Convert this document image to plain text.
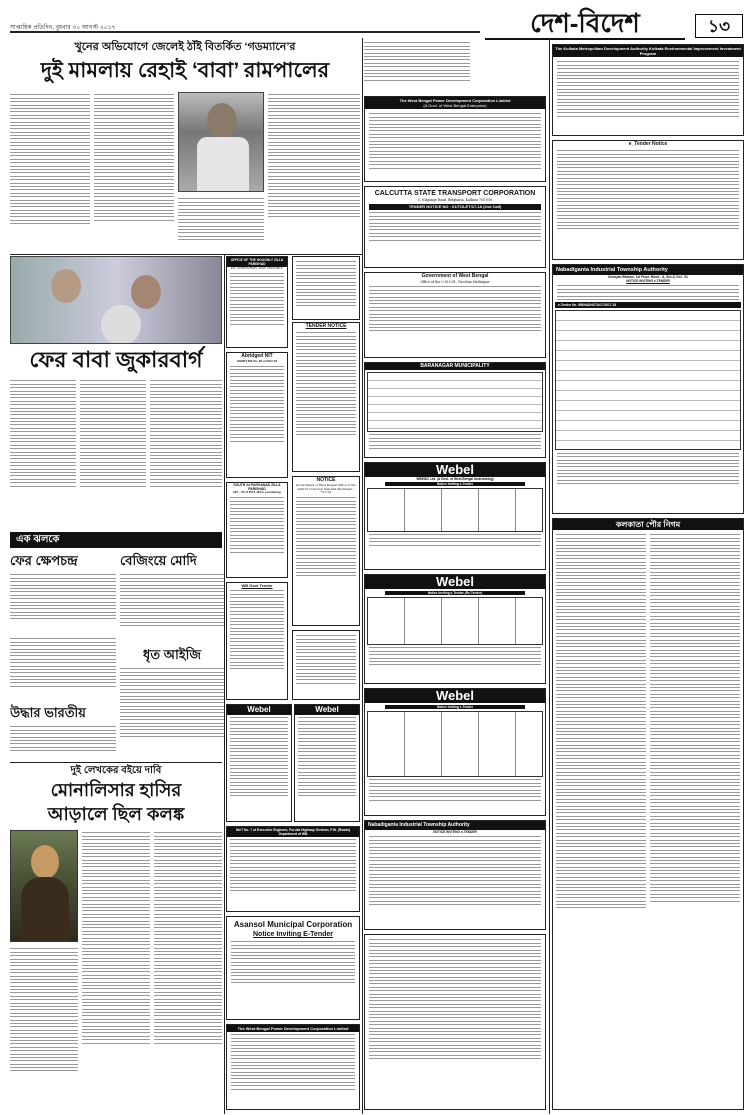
সাপ্তাহিক প্রতিদিন, বুধবার ৩০ আগস্ট ২০১৭	দেশ-বিদেশ	১৩
খুনের অভিযোগে জেলেই ঠাঁই বিতর্কিত ‘গডম্যানে’র
দুই মামলায় রেহাই ‘বাবা’ রামপালের
The West Bengal Power Development Corporation Limited
(A Govt. of West Bengal Enterprise)
The Kolkata Metropolitan Development Authority Kolkata Environmental Improvement Investment Program
CALCUTTA STATE TRANSPORT CORPORATION
5, Nilgunge Road, Belgharia, Kolkata-700 056
TENDER NOTICE NO : 01/TOLET/17-18 (2nd Call)
e_Tender Notice
Nabadiganta Industrial Township Authority
Unnayan Bhavan, 1st Floor, Block - A, Sec-II, Kol - 91
NOTICE INVITING e-TENDER
e-Tender No. WBNADNOTA/17/2017-18
ফের বাবা জুকারবার্গ
OFFICE OF THE HOOGHLY ZILLA PARISHAD
PO. CHINSURAH, DIST. HOOGHLY
Abridged NIT
SHORT NIT No. 25 of 2017-18
SOUTH 24 PARGANAS ZILLA PARISHAD
NIT – 25 of 2017-18 for e-tendering
TENDER NOTICE
NOTICE
Government of West Bengal Office of the District Collector, Paschim Medinipur : 721101
Government of West Bengal
Office of the C.M.O.H., Paschim Medinipur
BARANAGAR MUNICIPALITY
Webel
WBEIDC Ltd. (A Govt. of West Bengal Undertaking)
Notice Inviting e-Tender
Webel
Notice Inviting e-Tender (Re-Tender)
Webel
Notice Inviting e-Tender
Nabadiganta Industrial Township Authority
NOTICE INVITING e-TENDER
কলকাতা পৌর নিগম
এক ঝলকে
ফের ক্ষেপচন্দ্র	বেজিংয়ে মোদি
ধৃত আইজি
উদ্ধার ভারতীয়
WB Govt Tender
Webel	Webel
দুই লেখকের বইয়ে দাবি
মোনালিসার হাসির
আড়ালে ছিল কলঙ্ক
NIeT No. 7 of Executive Engineer, Purulia Highway Division, P.W. (Roads) Department of WB
Asansol Municipal Corporation
Notice Inviting E-Tender
The West Bengal Power Development Corporation Limited
